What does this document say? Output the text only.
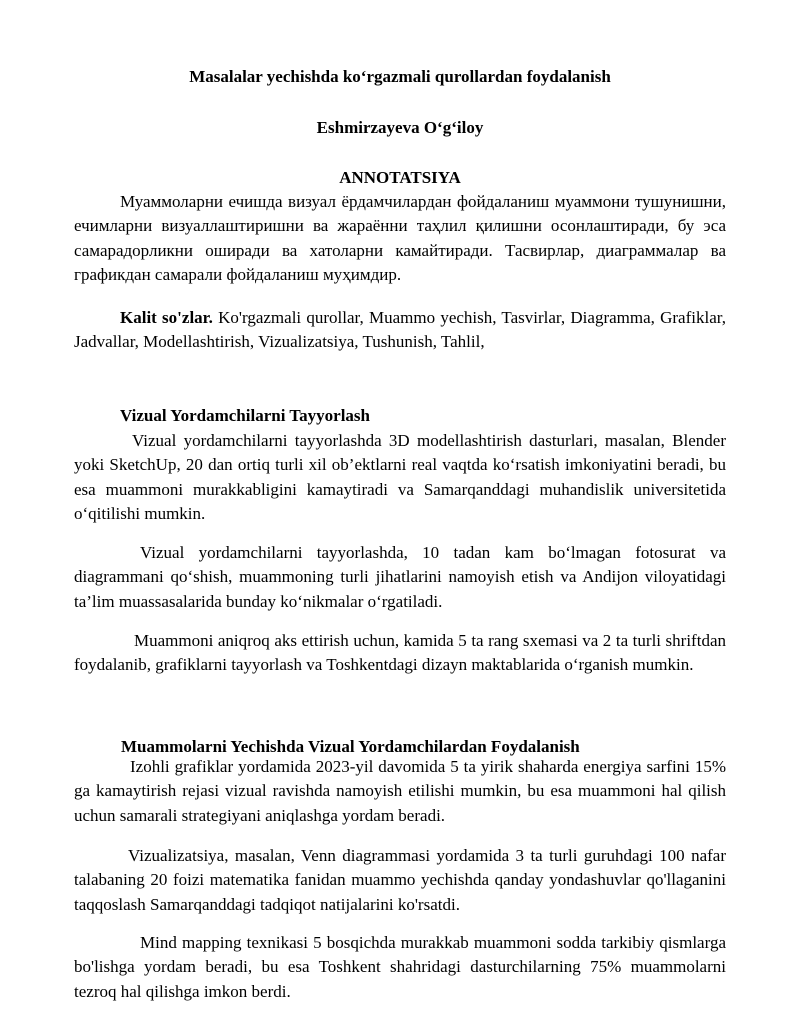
Masalalar yechishda ko‘rgazmali qurollardan foydalanish

Eshmirzayeva O‘g‘iloy

ANNOTATSIYA

Муаммоларни ечишда визуал ёрдамчилардан фойдаланиш муаммони тушунишни, ечимларни визуаллаштиришни ва жараённи таҳлил қилишни осонлаштиради, бу эса самарадорликни оширади ва хатоларни камайтиради. Тасвирлар, диаграммалар ва графикдан самарали фойдаланиш муҳимдир.

Kalit so'zlar. Ko'rgazmali qurollar, Muammo yechish, Tasvirlar, Diagramma, Grafiklar, Jadvallar, Modellashtirish, Vizualizatsiya, Tushunish, Tahlil,

Vizual Yordamchilarni Tayyorlash

Vizual yordamchilarni tayyorlashda 3D modellashtirish dasturlari, masalan, Blender yoki SketchUp, 20 dan ortiq turli xil ob’ektlarni real vaqtda ko‘rsatish imkoniyatini beradi, bu esa muammoni murakkabligini kamaytiradi va Samarqanddagi muhandislik universitetida o‘qitilishi mumkin.

Vizual yordamchilarni tayyorlashda, 10 tadan kam bo‘lmagan fotosurat va diagrammani qo‘shish, muammoning turli jihatlarini namoyish etish va Andijon viloyatidagi ta’lim muassasalarida bunday ko‘nikmalar o‘rgatiladi.

Muammoni aniqroq aks ettirish uchun, kamida 5 ta rang sxemasi va 2 ta turli shriftdan foydalanib, grafiklarni tayyorlash va Toshkentdagi dizayn maktablarida o‘rganish mumkin.

Muammolarni Yechishda Vizual Yordamchilardan Foydalanish

Izohli grafiklar yordamida 2023-yil davomida 5 ta yirik shaharda energiya sarfini 15% ga kamaytirish rejasi vizual ravishda namoyish etilishi mumkin, bu esa muammoni hal qilish uchun samarali strategiyani aniqlashga yordam beradi.

Vizualizatsiya, masalan, Venn diagrammasi yordamida 3 ta turli guruhdagi 100 nafar talabaning 20 foizi matematika fanidan muammo yechishda qanday yondashuvlar qo'llaganini taqqoslash Samarqanddagi tadqiqot natijalarini ko'rsatdi.

Mind mapping texnikasi 5 bosqichda murakkab muammoni sodda tarkibiy qismlarga bo'lishga yordam beradi, bu esa Toshkent shahridagi dasturchilarning 75% muammolarni tezroq hal qilishga imkon berdi.
